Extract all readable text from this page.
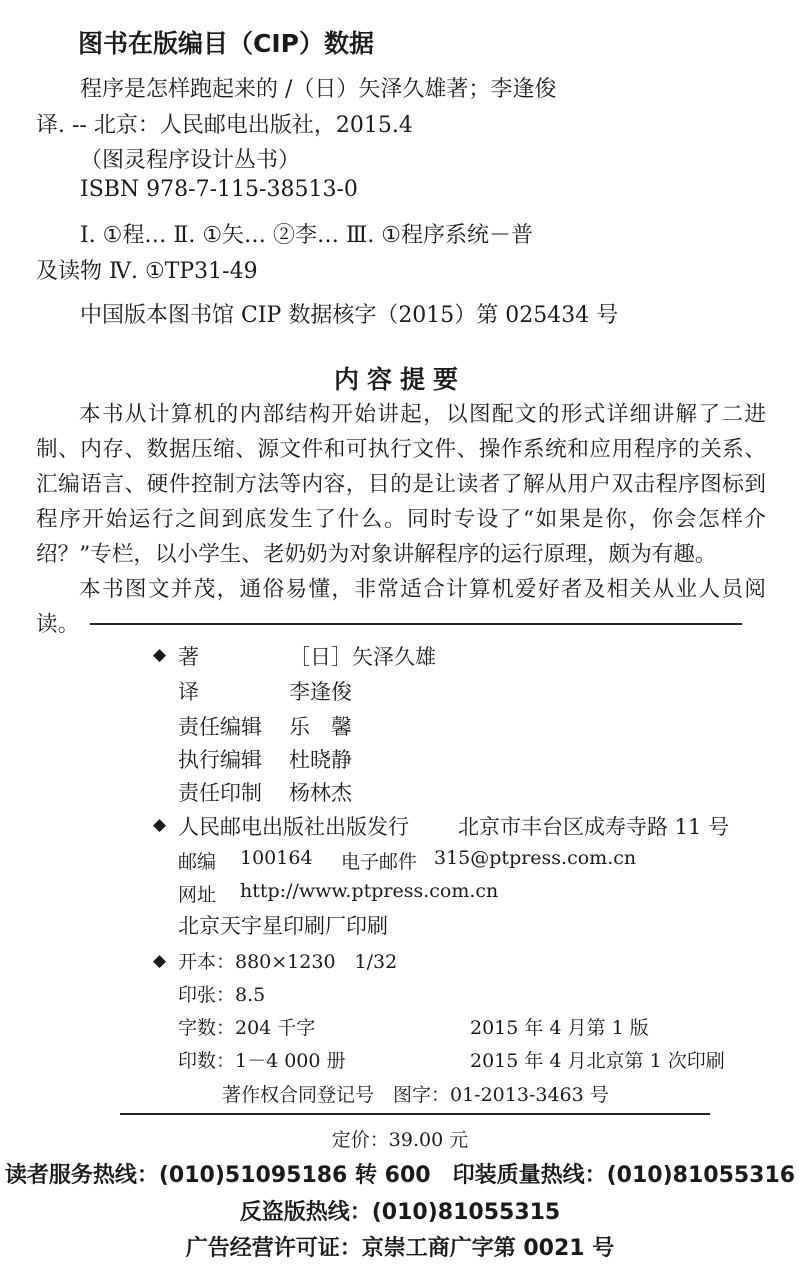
图书在版编目（CIP）数据
程序是怎样跑起来的 /（日）矢泽久雄著；李逢俊
译. -- 北京：人民邮电出版社，2015.4
（图灵程序设计丛书）
ISBN 978-7-115-38513-0
Ⅰ. ①程… Ⅱ. ①矢… ②李… Ⅲ. ①程序系统－普
及读物 Ⅳ. ①TP31-49
中国版本图书馆 CIP 数据核字（2015）第 025434 号
内容提要

本书从计算机的内部结构开始讲起，以图配文的形式详细讲解了二进制、内存、数据压缩、源文件和可执行文件、操作系统和应用程序的关系、汇编语言、硬件控制方法等内容，目的是让读者了解从用户双击程序图标到程序开始运行之间到底发生了什么。同时专设了“如果是你，你会怎样介绍？”专栏，以小学生、老奶奶为对象讲解程序的运行原理，颇为有趣。

本书图文并茂，通俗易懂，非常适合计算机爱好者及相关从业人员阅读。

◆ 著	［日］矢泽久雄
译	李逢俊
责任编辑 乐　馨
执行编辑 杜晓静
责任印制 杨林杰
◆ 人民邮电出版社出版发行 北京市丰台区成寿寺路 11 号
邮编 100164 电子邮件 315@ptpress.com.cn
网址 http://www.ptpress.com.cn
北京天宇星印刷厂印刷
◆ 开本：880×1230　1/32
印张：8.5
字数：204 千字	2015 年 4 月第 1 版
印数：1－4 000 册	2015 年 4 月北京第 1 次印刷
著作权合同登记号　图字：01-2013-3463 号
定价：39.00 元
读者服务热线：(010)51095186 转 600　印装质量热线：(010)81055316
反盗版热线：(010)81055315
广告经营许可证：京崇工商广字第 0021 号
